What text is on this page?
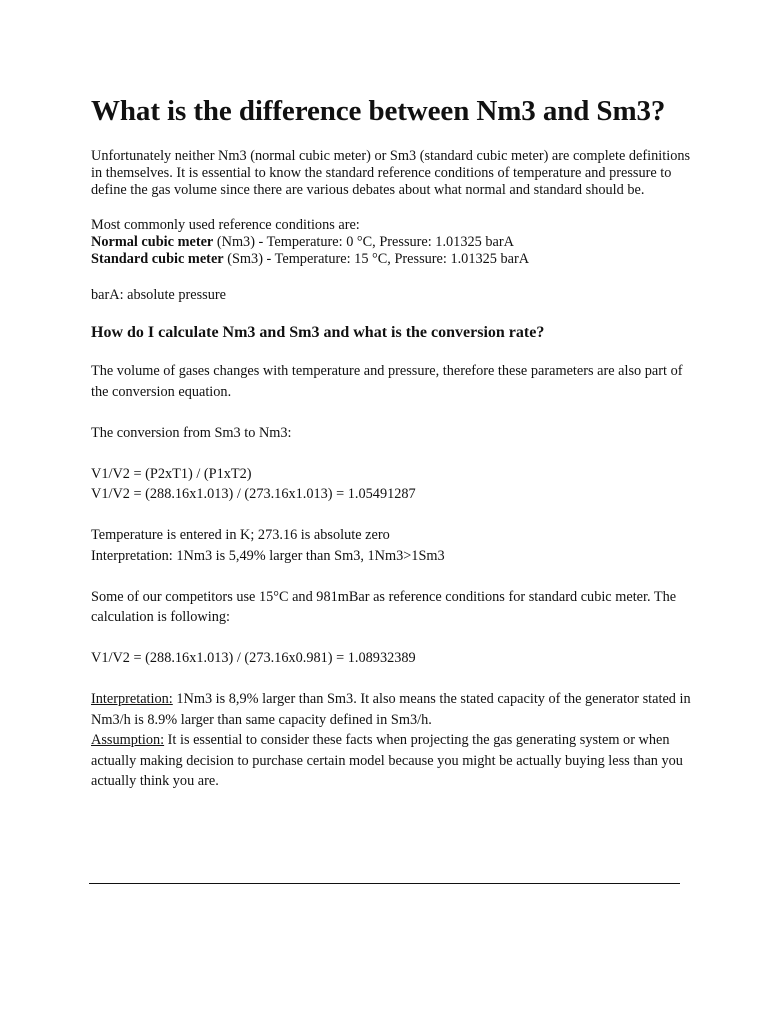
What is the difference between Nm3 and Sm3?

Unfortunately neither Nm3 (normal cubic meter) or Sm3 (standard cubic meter) are complete definitions in themselves. It is essential to know the standard reference conditions of temperature and pressure to define the gas volume since there are various debates about what normal and standard should be.

Most commonly used reference conditions are:
Normal cubic meter (Nm3) - Temperature: 0 °C, Pressure: 1.01325 barA
Standard cubic meter (Sm3) - Temperature: 15 °C, Pressure: 1.01325 barA
barA: absolute pressure
How do I calculate Nm3 and Sm3 and what is the conversion rate?

The volume of gases changes with temperature and pressure, therefore these parameters are also part of the conversion equation.

The conversion from Sm3 to Nm3:
V1/V2 = (P2xT1) / (P1xT2)
V1/V2 = (288.16x1.013) / (273.16x1.013) = 1.05491287
Temperature is entered in K; 273.16 is absolute zero
Interpretation: 1Nm3 is 5,49% larger than Sm3, 1Nm3>1Sm3

Some of our competitors use 15°C and 981mBar as reference conditions for standard cubic meter. The calculation is following:

V1/V2 = (288.16x1.013) / (273.16x0.981) = 1.08932389

Interpretation: 1Nm3 is 8,9% larger than Sm3. It also means the stated capacity of the generator stated in Nm3/h is 8.9% larger than same capacity defined in Sm3/h.

Assumption: It is essential to consider these facts when projecting the gas generating system or when actually making decision to purchase certain model because you might be actually buying less than you actually think you are.
